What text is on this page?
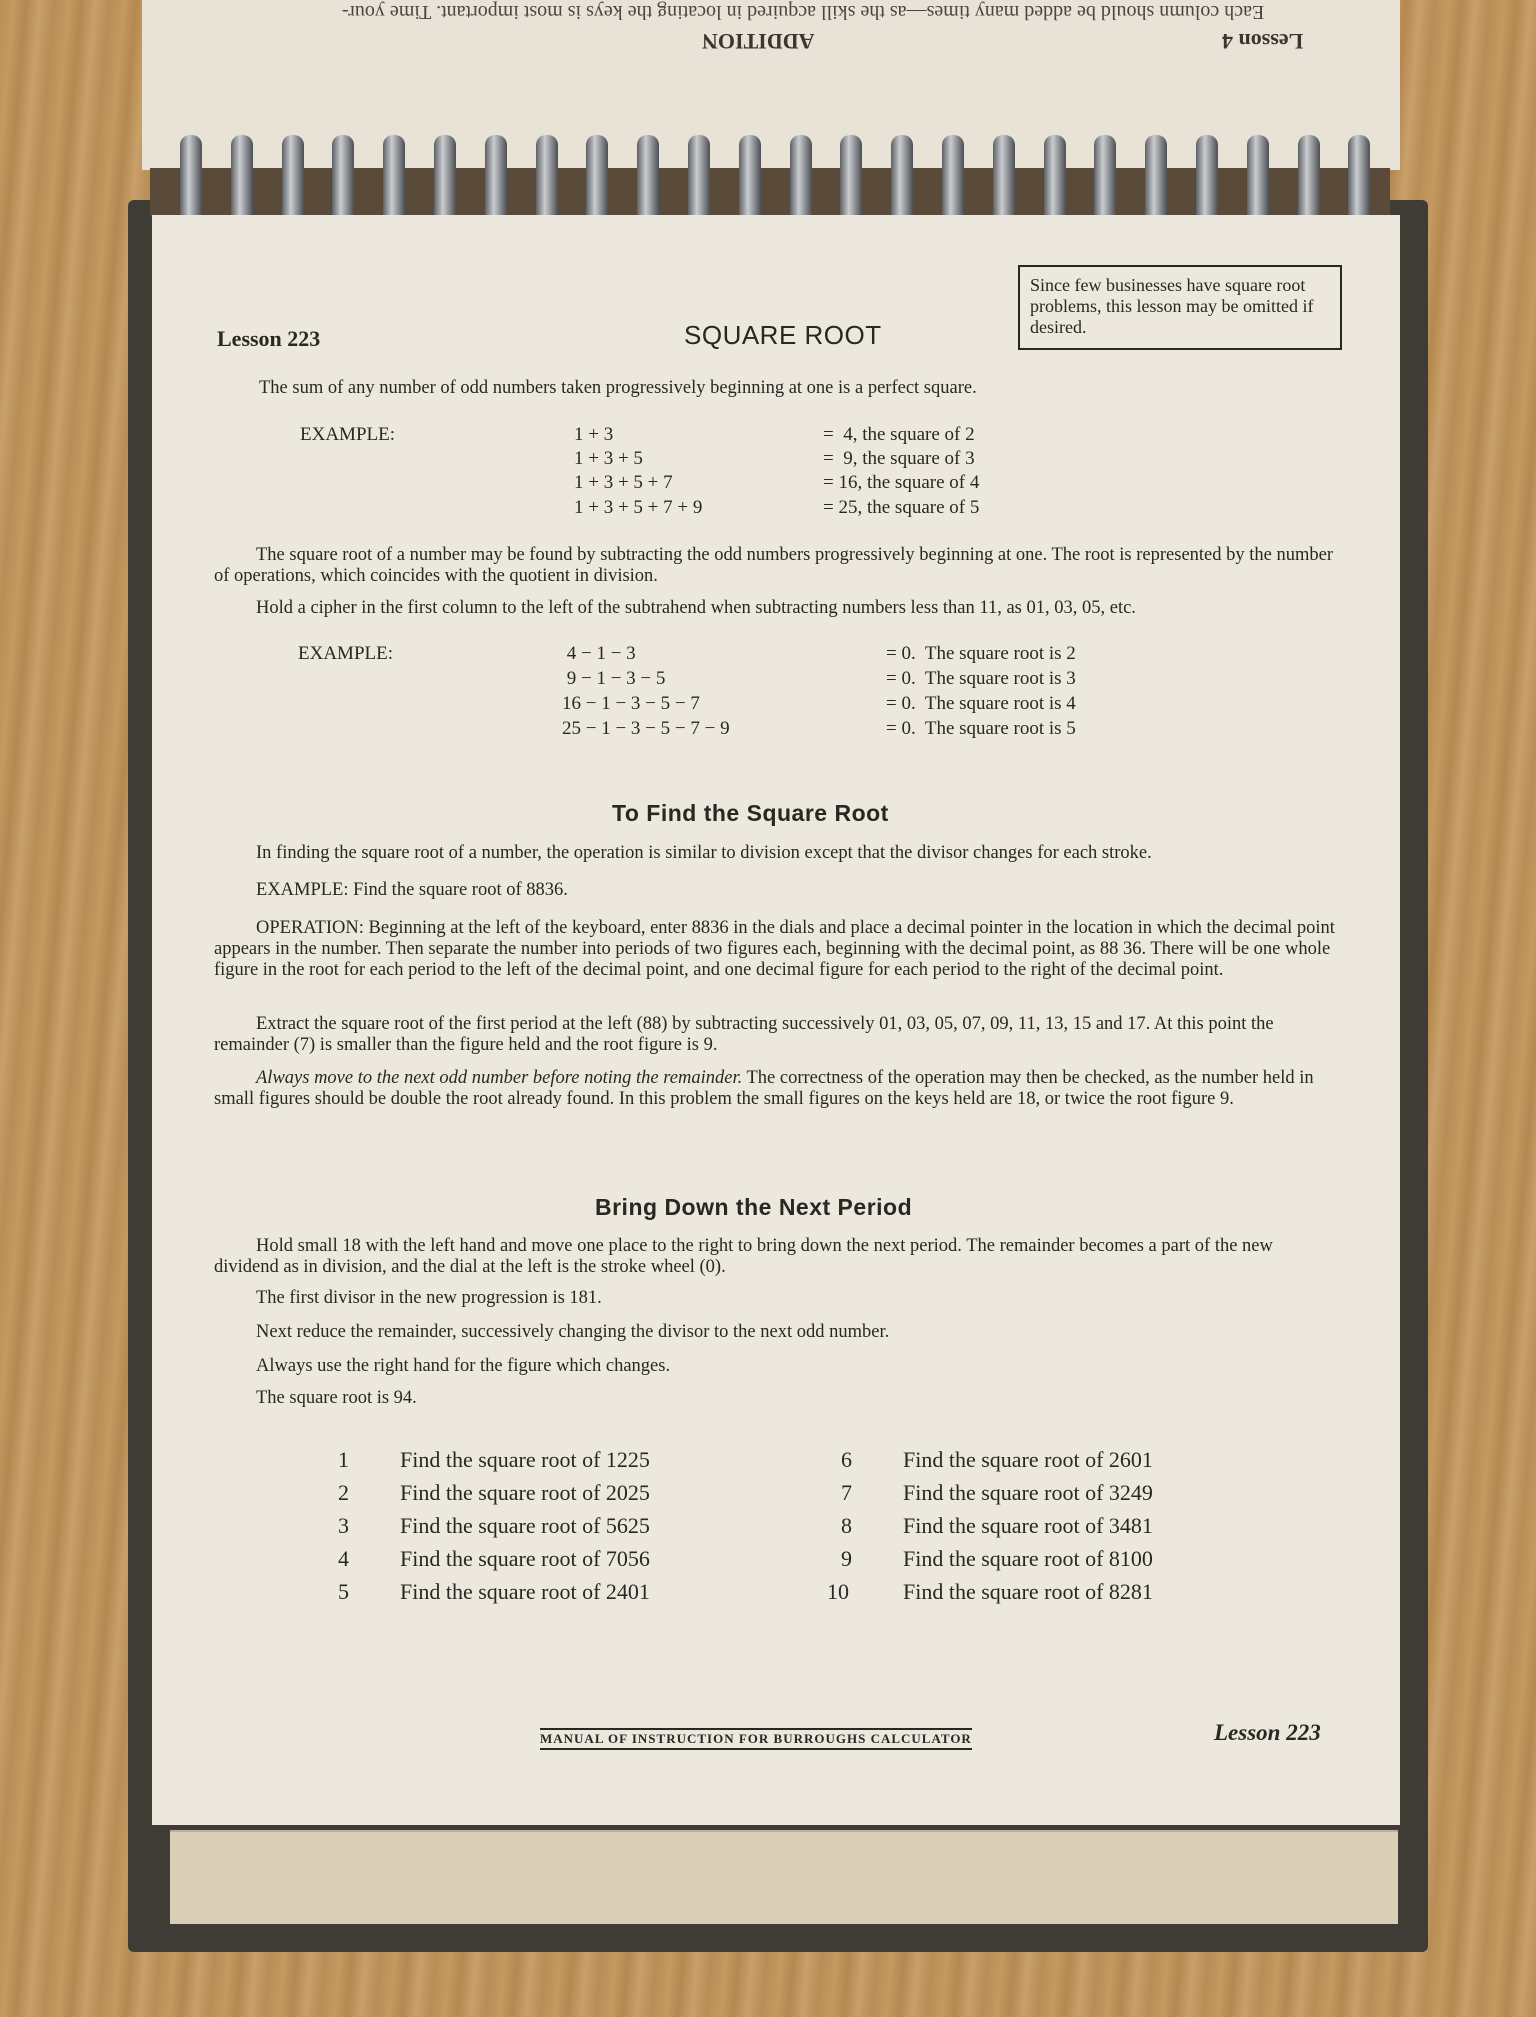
Each column should be added many times—as the skill acquired in locating the keys is most important. Time your-
ADDITION	Lesson 4
Lesson 223	SQUARE ROOT
Since few businesses have square root problems, this lesson may be omitted if desired.
The sum of any number of odd numbers taken progressively beginning at one is a perfect square.
EXAMPLE:	1 + 3	=  4, the square of 2
1 + 3 + 5	=  9, the square of 3
1 + 3 + 5 + 7	= 16, the square of 4
1 + 3 + 5 + 7 + 9	= 25, the square of 5
The square root of a number may be found by subtracting the odd numbers progressively beginning at one. The root is represented by the number of operations, which coincides with the quotient in division.
Hold a cipher in the first column to the left of the subtrahend when subtracting numbers less than 11, as 01, 03, 05, etc.
EXAMPLE:	4 − 1 − 3	= 0.  The square root is 2
9 − 1 − 3 − 5	= 0.  The square root is 3
16 − 1 − 3 − 5 − 7	= 0.  The square root is 4
25 − 1 − 3 − 5 − 7 − 9	= 0.  The square root is 5
To Find the Square Root
In finding the square root of a number, the operation is similar to division except that the divisor changes for each stroke.
EXAMPLE: Find the square root of 8836.
OPERATION: Beginning at the left of the keyboard, enter 8836 in the dials and place a decimal pointer in the location in which the decimal point appears in the number. Then separate the number into periods of two figures each, beginning with the decimal point, as 88 36. There will be one whole figure in the root for each period to the left of the decimal point, and one decimal figure for each period to the right of the decimal point.
Extract the square root of the first period at the left (88) by subtracting successively 01, 03, 05, 07, 09, 11, 13, 15 and 17. At this point the remainder (7) is smaller than the figure held and the root figure is 9.
Always move to the next odd number before noting the remainder. The correctness of the operation may then be checked, as the number held in small figures should be double the root already found. In this problem the small figures on the keys held are 18, or twice the root figure 9.
Bring Down the Next Period
Hold small 18 with the left hand and move one place to the right to bring down the next period. The remainder becomes a part of the new dividend as in division, and the dial at the left is the stroke wheel (0).
The first divisor in the new progression is 181.
Next reduce the remainder, successively changing the divisor to the next odd number.
Always use the right hand for the figure which changes.
The square root is 94.
1 Find the square root of 1225
2 Find the square root of 2025
3 Find the square root of 5625
4 Find the square root of 7056
5 Find the square root of 2401
6 Find the square root of 2601
7 Find the square root of 3249
8 Find the square root of 3481
9 Find the square root of 8100
10 Find the square root of 8281
MANUAL OF INSTRUCTION FOR BURROUGHS CALCULATOR	Lesson 223
